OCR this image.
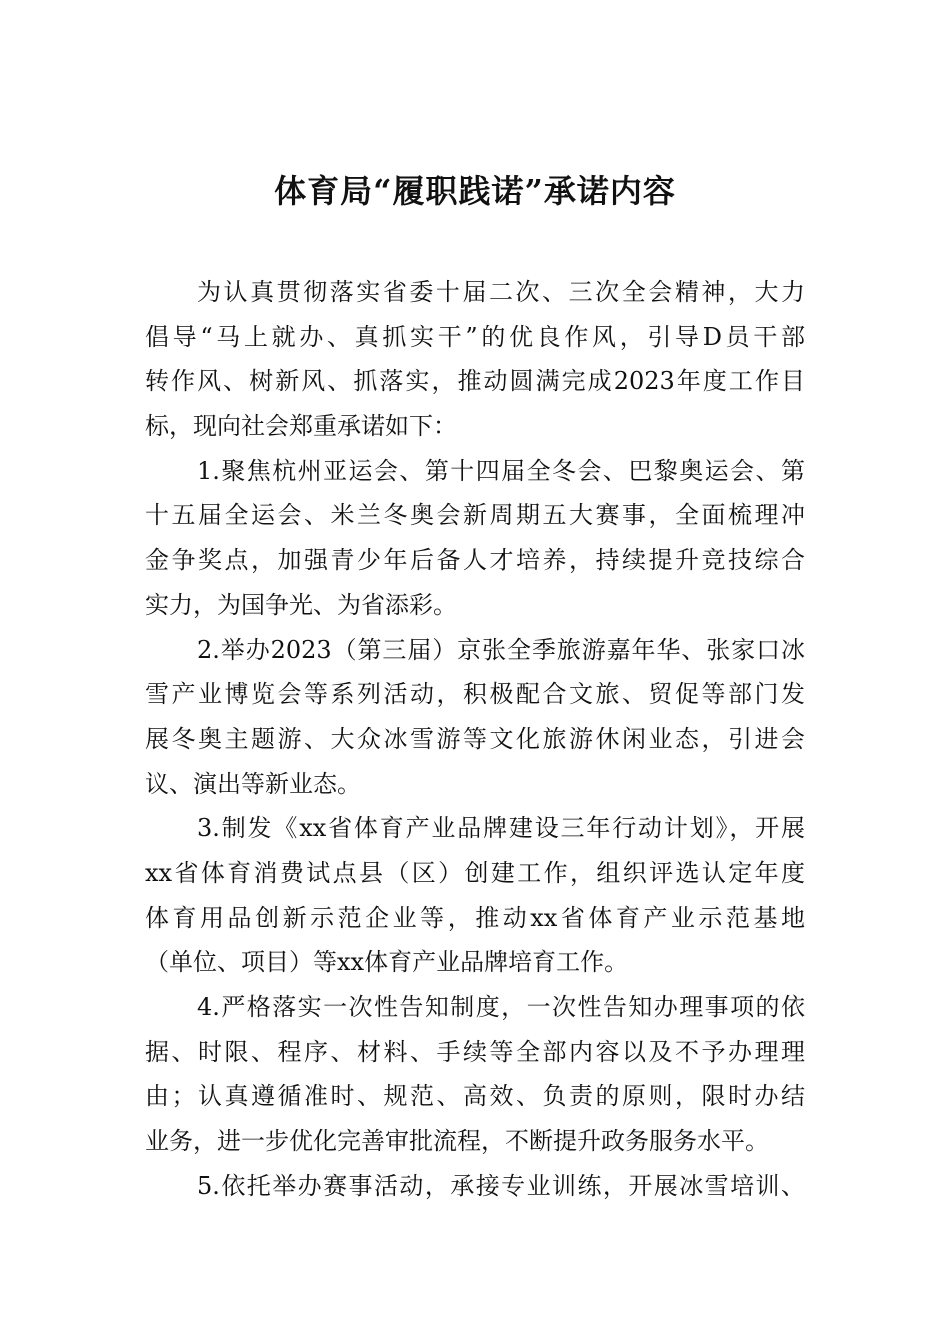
体育局“履职践诺”承诺内容
为认真贯彻落实省委十届二次、三次全会精神，大力
倡导“马上就办、真抓实干”的优良作风，引导D员干部
转作风、树新风、抓落实，推动圆满完成2023年度工作目
标，现向社会郑重承诺如下：
1.聚焦杭州亚运会、第十四届全冬会、巴黎奥运会、第
十五届全运会、米兰冬奥会新周期五大赛事，全面梳理冲
金争奖点，加强青少年后备人才培养，持续提升竞技综合
实力，为国争光、为省添彩。
2.举办2023（第三届）京张全季旅游嘉年华、张家口冰
雪产业博览会等系列活动，积极配合文旅、贸促等部门发
展冬奥主题游、大众冰雪游等文化旅游休闲业态，引进会
议、演出等新业态。
3.制发《xx省体育产业品牌建设三年行动计划》，开展
xx省体育消费试点县（区）创建工作，组织评选认定年度
体育用品创新示范企业等，推动xx省体育产业示范基地
（单位、项目）等xx体育产业品牌培育工作。
4.严格落实一次性告知制度，一次性告知办理事项的依
据、时限、程序、材料、手续等全部内容以及不予办理理
由；认真遵循准时、规范、高效、负责的原则，限时办结
业务，进一步优化完善审批流程，不断提升政务服务水平。
5.依托举办赛事活动，承接专业训练，开展冰雪培训、
